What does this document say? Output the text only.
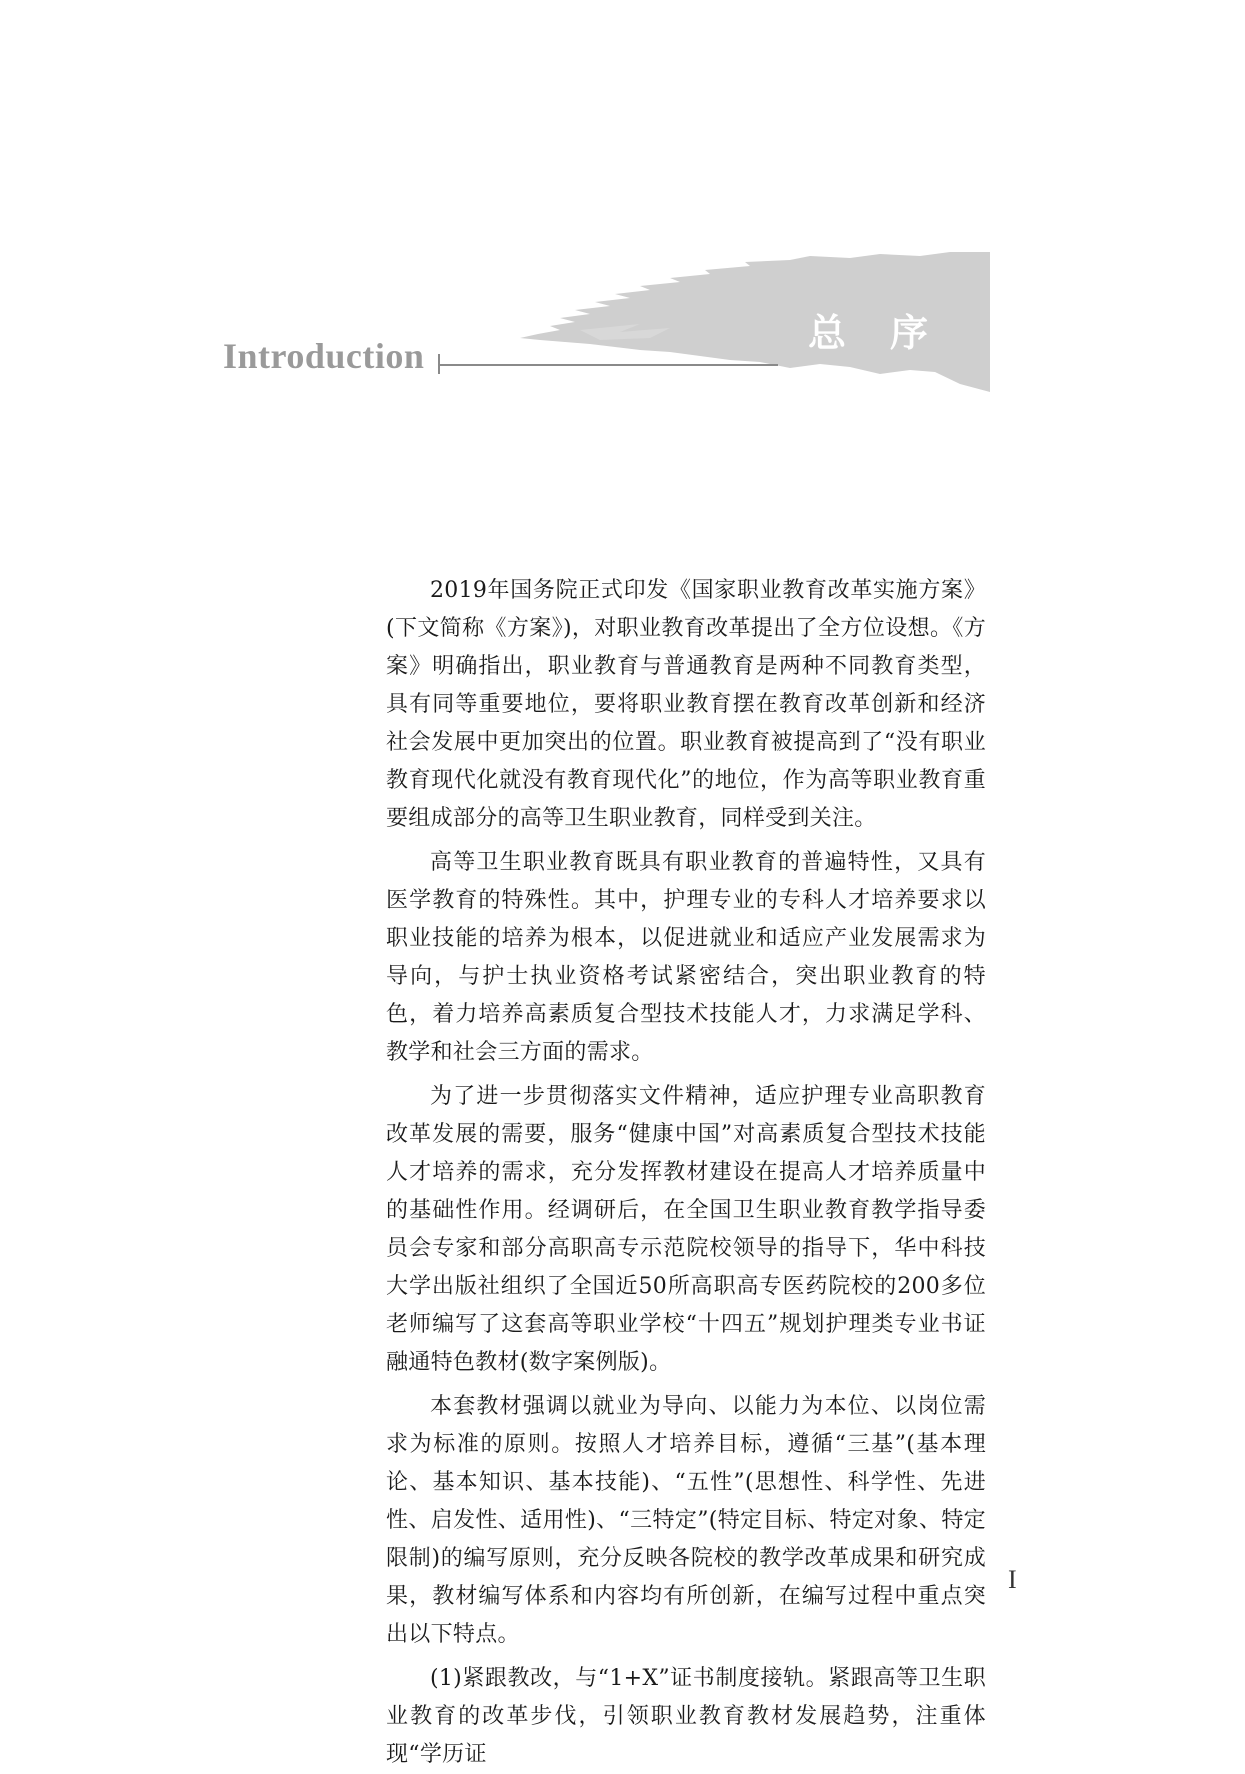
Introduction
总序

2019年国务院正式印发《国家职业教育改革实施方案》(下文简称《方案》)，对职业教育改革提出了全方位设想。《方案》明确指出，职业教育与普通教育是两种不同教育类型，具有同等重要地位，要将职业教育摆在教育改革创新和经济社会发展中更加突出的位置。职业教育被提高到了“没有职业教育现代化就没有教育现代化”的地位，作为高等职业教育重要组成部分的高等卫生职业教育，同样受到关注。

高等卫生职业教育既具有职业教育的普遍特性，又具有医学教育的特殊性。其中，护理专业的专科人才培养要求以职业技能的培养为根本，以促进就业和适应产业发展需求为导向，与护士执业资格考试紧密结合，突出职业教育的特色，着力培养高素质复合型技术技能人才，力求满足学科、教学和社会三方面的需求。

为了进一步贯彻落实文件精神，适应护理专业高职教育改革发展的需要，服务“健康中国”对高素质复合型技术技能人才培养的需求，充分发挥教材建设在提高人才培养质量中的基础性作用。经调研后，在全国卫生职业教育教学指导委员会专家和部分高职高专示范院校领导的指导下，华中科技大学出版社组织了全国近50所高职高专医药院校的200多位老师编写了这套高等职业学校“十四五”规划护理类专业书证融通特色教材(数字案例版)。

本套教材强调以就业为导向、以能力为本位、以岗位需求为标准的原则。按照人才培养目标，遵循“三基”(基本理论、基本知识、基本技能)、“五性”(思想性、科学性、先进性、启发性、适用性)、“三特定”(特定目标、特定对象、特定限制)的编写原则，充分反映各院校的教学改革成果和研究成果，教材编写体系和内容均有所创新，在编写过程中重点突出以下特点。

(1)紧跟教改，与“1+X”证书制度接轨。紧跟高等卫生职业教育的改革步伐，引领职业教育教材发展趋势，注重体现“学历证

I
